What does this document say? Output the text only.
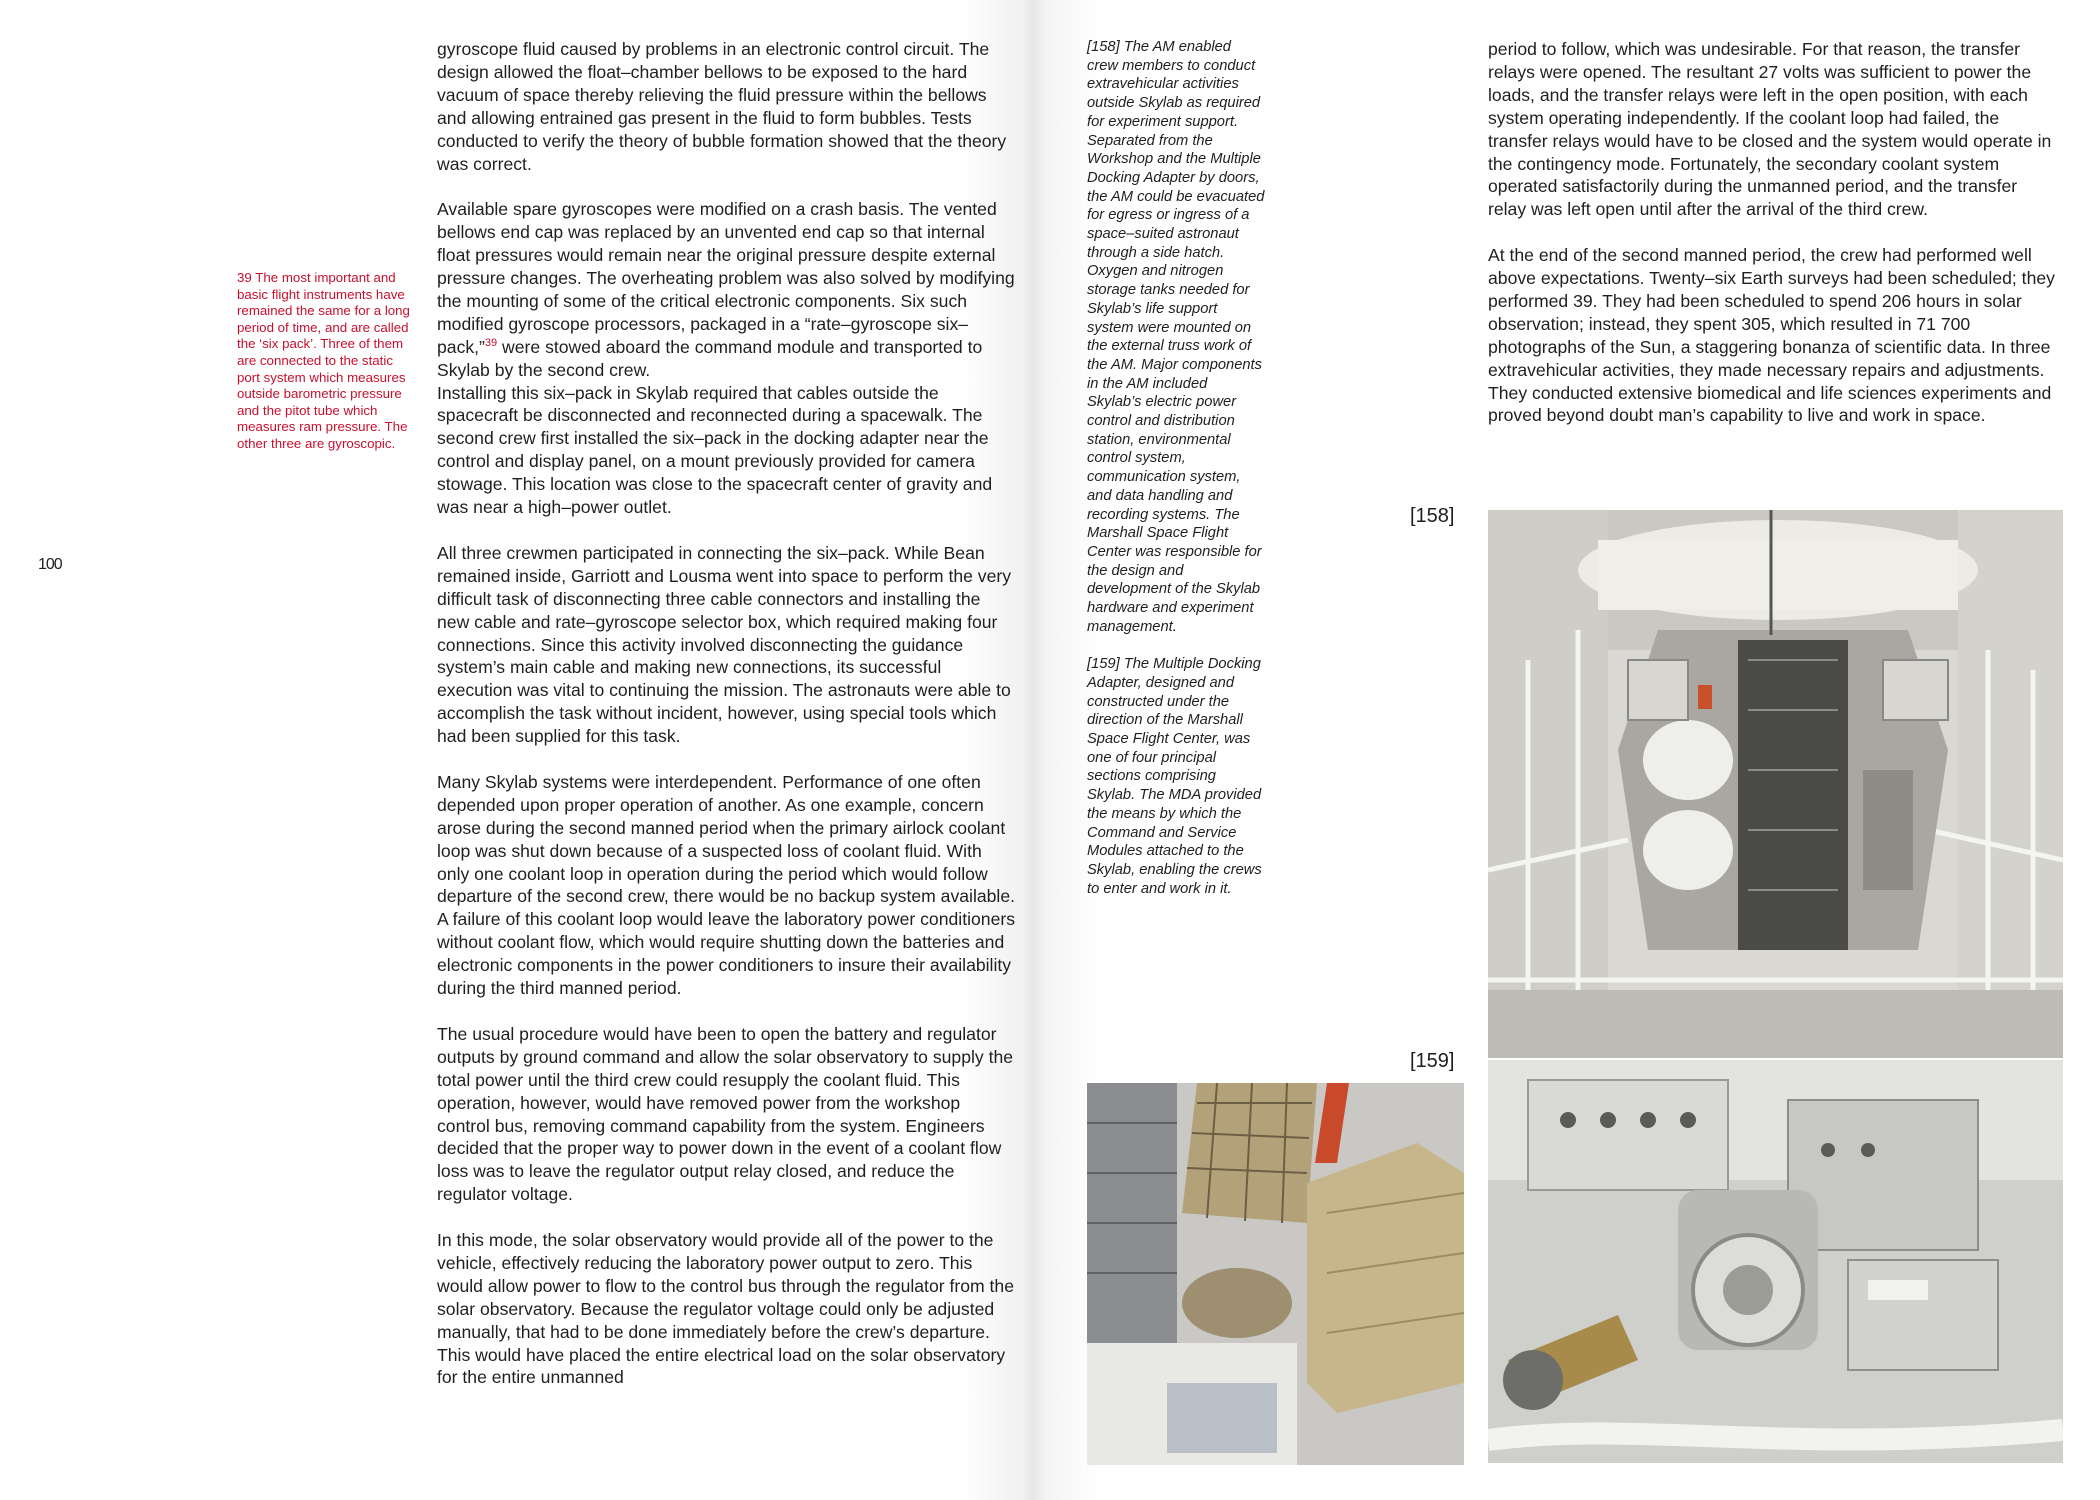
100
39 The most important and basic flight instruments have remained the same for a long period of time, and are called the ‘six pack’. Three of them are connected to the static port system which measures outside barometric pressure and the pitot tube which measures ram pressure. The other three are gyroscopic.

gyroscope fluid caused by problems in an electronic control circuit. The design allowed the float–chamber bellows to be exposed to the hard vacuum of space thereby relieving the fluid pressure within the bellows and allowing entrained gas present in the fluid to form bubbles. Tests conducted to verify the theory of bubble formation showed that the theory was correct.

Available spare gyroscopes were modified on a crash basis. The vented bellows end cap was replaced by an unvented end cap so that internal float pressures would remain near the original pressure despite external pressure changes. The overheating problem was also solved by modifying the mounting of some of the critical electronic components. Six such modified gyroscope processors, packaged in a “rate–gyroscope six–pack,”$^{39}$ were stowed aboard the command module and transported to Skylab by the second crew.

Installing this six–pack in Skylab required that cables outside the spacecraft be disconnected and reconnected during a spacewalk. The second crew first installed the six–pack in the docking adapter near the control and display panel, on a mount previously provided for camera stowage. This location was close to the spacecraft center of gravity and was near a high–power outlet.

All three crewmen participated in connecting the six–pack. While Bean remained inside, Garriott and Lousma went into space to perform the very difficult task of disconnecting three cable connectors and installing the new cable and rate–gyroscope selector box, which required making four connections. Since this activity involved disconnecting the guidance system’s main cable and making new connections, its successful execution was vital to continuing the mission. The astronauts were able to accomplish the task without incident, however, using special tools which had been supplied for this task.

Many Skylab systems were interdependent. Performance of one often depended upon proper operation of another. As one example, concern arose during the second manned period when the primary airlock coolant loop was shut down because of a suspected loss of coolant fluid. With only one coolant loop in operation during the period which would follow departure of the second crew, there would be no backup system available. A failure of this coolant loop would leave the laboratory power conditioners without coolant flow, which would require shutting down the batteries and electronic components in the power conditioners to insure their availability during the third manned period.

The usual procedure would have been to open the battery and regulator outputs by ground command and allow the solar observatory to supply the total power until the third crew could resupply the coolant fluid. This operation, however, would have removed power from the workshop control bus, removing command capability from the system. Engineers decided that the proper way to power down in the event of a coolant flow loss was to leave the regulator output relay closed, and reduce the regulator voltage.

In this mode, the solar observatory would provide all of the power to the vehicle, effectively reducing the laboratory power output to zero. This would allow power to flow to the control bus through the regulator from the solar observatory. Because the regulator voltage could only be adjusted manually, that had to be done immediately before the crew’s departure. This would have placed the entire electrical load on the solar observatory for the entire unmanned

[158] The AM enabled crew members to conduct extravehicular activities outside Skylab as required for experiment support. Separated from the Workshop and the Multiple Docking Adapter by doors, the AM could be evacuated for egress or ingress of a space–suited astronaut through a side hatch. Oxygen and nitrogen storage tanks needed for Skylab’s life support system were mounted on the external truss work of the AM. Major components in the AM included Skylab’s electric power control and distribution station, environmental control system, communication system, and data handling and recording systems. The Marshall Space Flight Center was responsible for the design and development of the Skylab hardware and experiment management.

[159] The Multiple Docking Adapter, designed and constructed under the direction of the Marshall Space Flight Center, was one of four principal sections comprising Skylab. The MDA provided the means by which the Command and Service Modules attached to the Skylab, enabling the crews to enter and work in it.

period to follow, which was undesirable. For that reason, the transfer relays were opened. The resultant 27 volts was sufficient to power the loads, and the transfer relays were left in the open position, with each system operating independently. If the coolant loop had failed, the transfer relays would have to be closed and the system would operate in the contingency mode. Fortunately, the secondary coolant system operated satisfactorily during the unmanned period, and the transfer relay was left open until after the arrival of the third crew.

At the end of the second manned period, the crew had performed well above expectations. Twenty–six Earth surveys had been scheduled; they performed 39. They had been scheduled to spend 206 hours in solar observation; instead, they spent 305, which resulted in 71 700 photographs of the Sun, a staggering bonanza of scientific data. In three extravehicular activities, they made necessary repairs and adjustments. They conducted extensive biomedical and life sciences experiments and proved beyond doubt man’s capability to live and work in space.

[158]
[159]
